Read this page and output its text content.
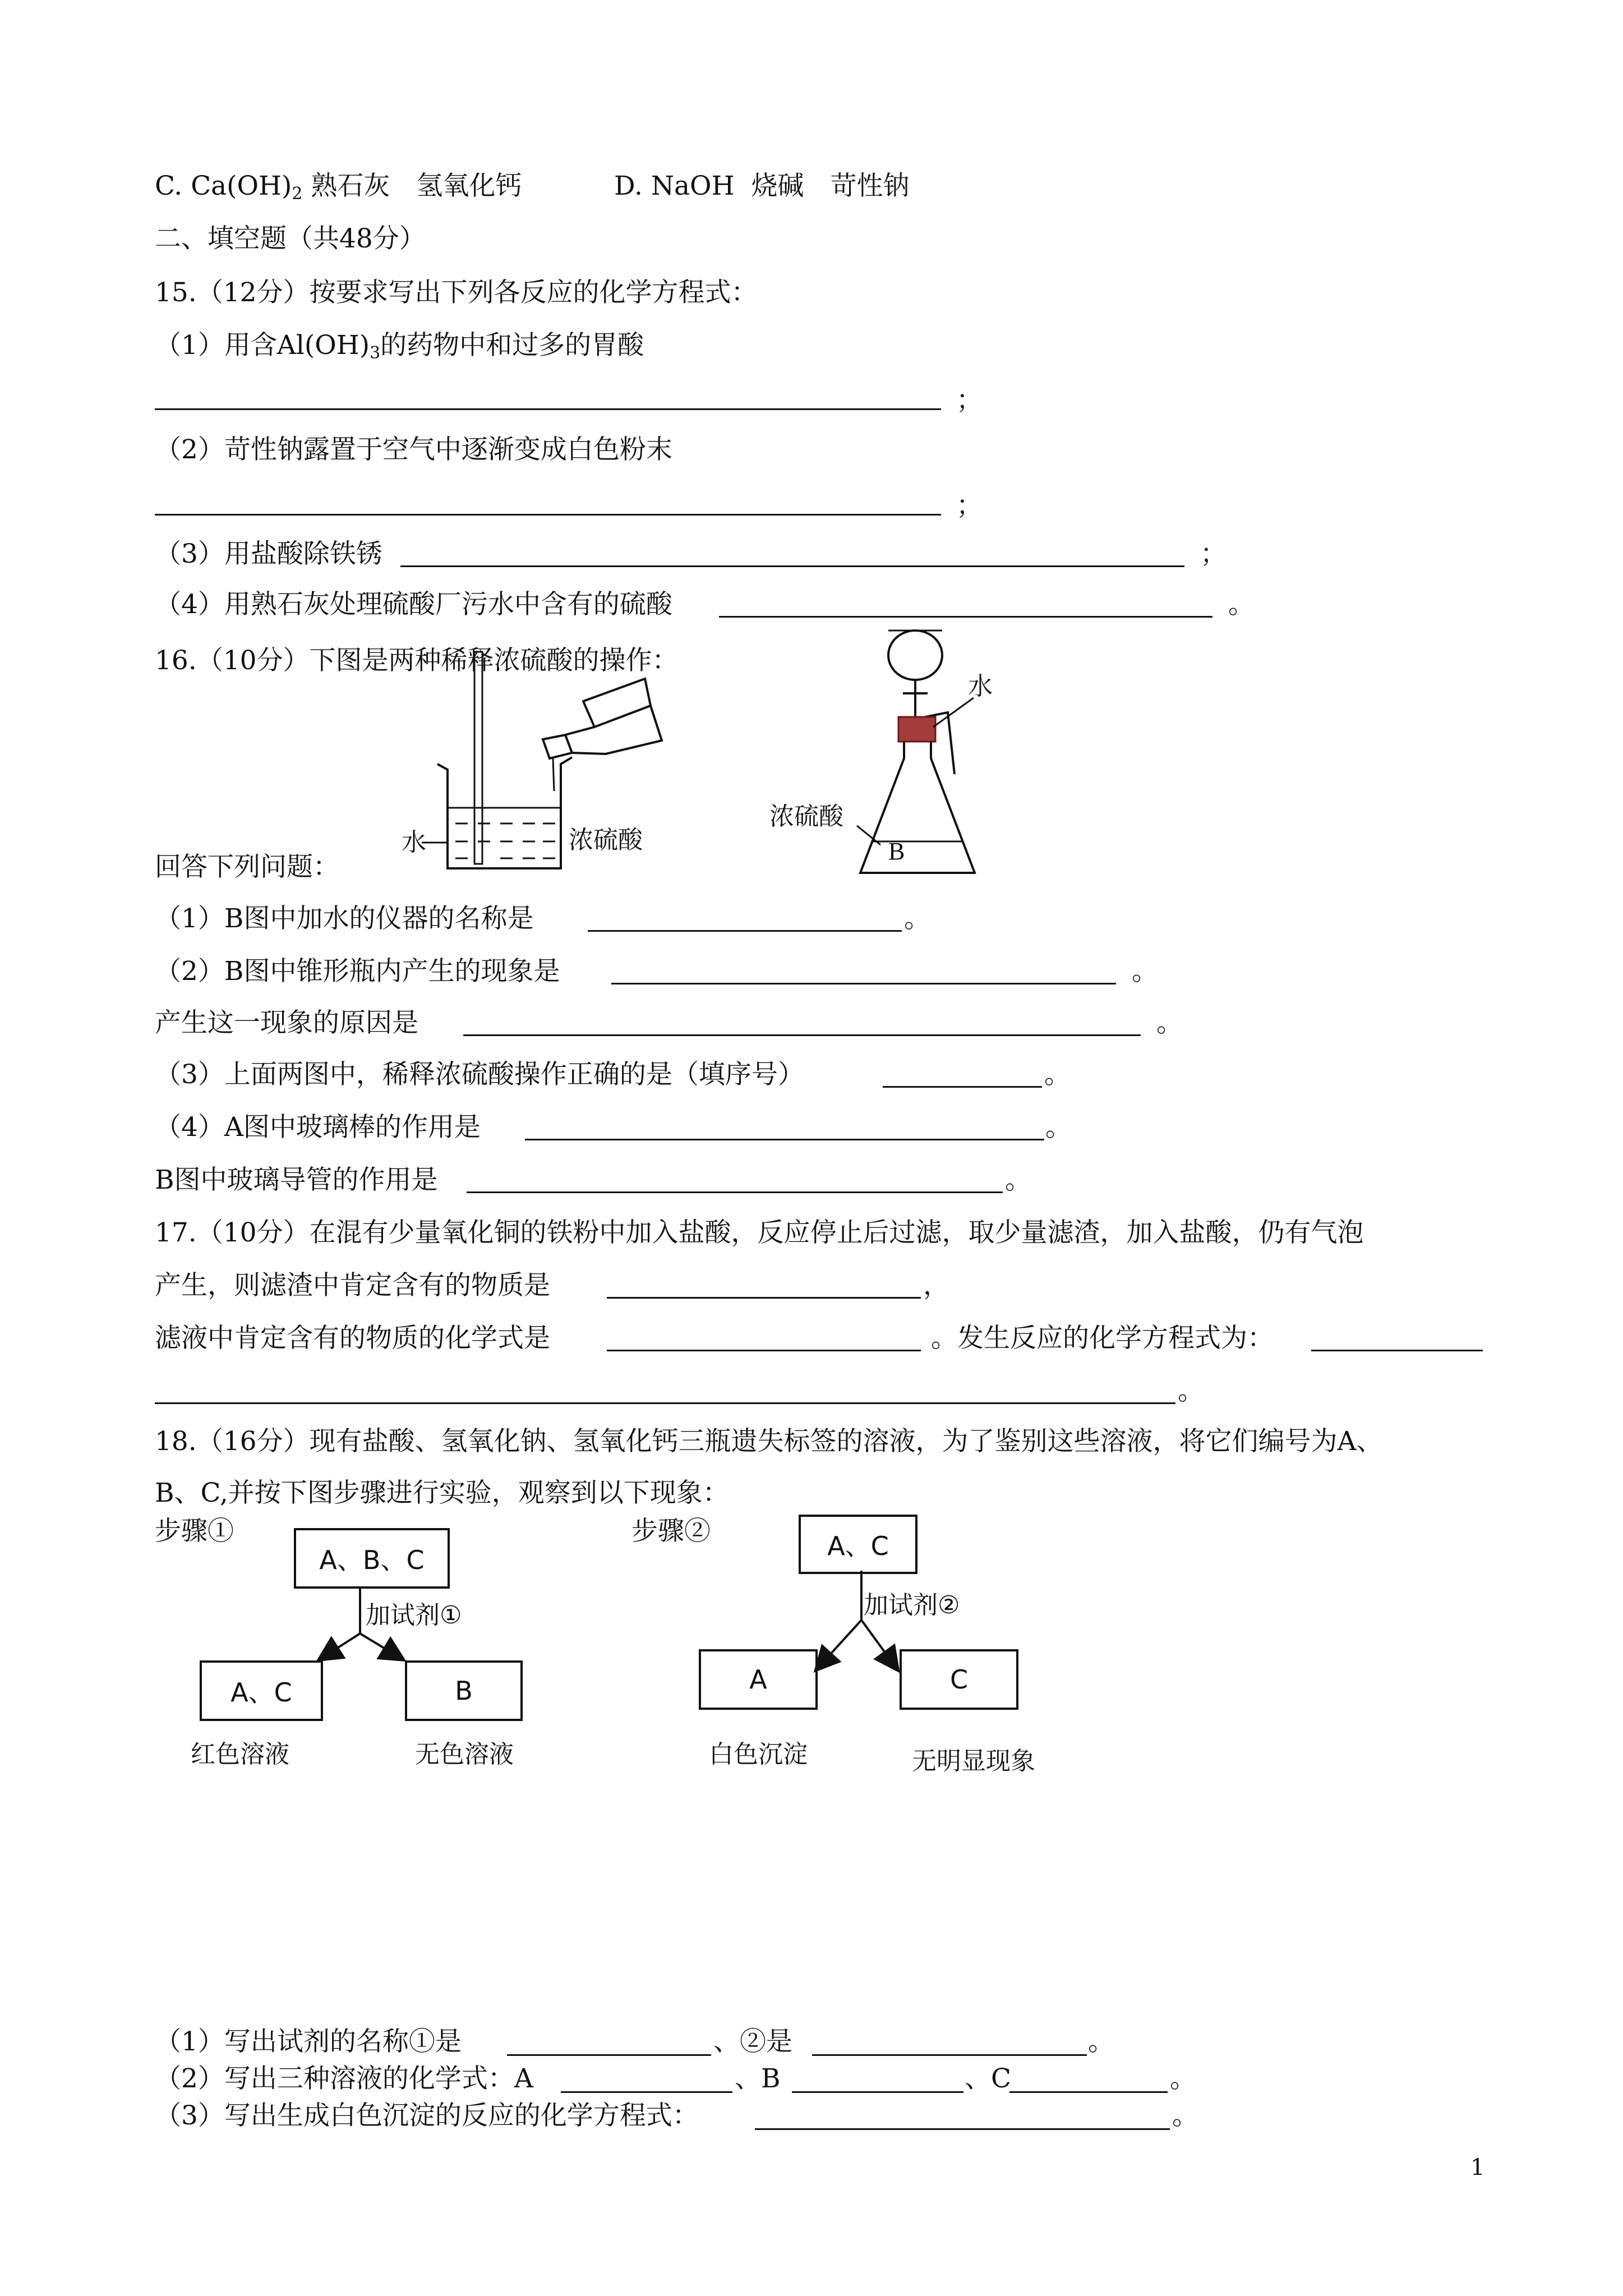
C. $Ca(OH)_2$ 熟石灰　氢氧化钙	D. NaOH 烧碱　苛性钠
二、填空题（共48分）
15.（12分）按要求写出下列各反应的化学方程式：
（1）用含$Al(OH)_3$的药物中和过多的胃酸
；
（2）苛性钠露置于空气中逐渐变成白色粉末
；
（3）用盐酸除铁锈	；
（4）用熟石灰处理硫酸厂污水中含有的硫酸	。
16.（10分）下图是两种稀释浓硫酸的操作：
水	浓硫酸
水
浓硫酸
B
回答下列问题：
（1）B图中加水的仪器的名称是	。
（2）B图中锥形瓶内产生的现象是	。
产生这一现象的原因是	。
（3）上面两图中，稀释浓硫酸操作正确的是（填序号）	。
（4）A图中玻璃棒的作用是	。
B图中玻璃导管的作用是	。
17.（10分）在混有少量氧化铜的铁粉中加入盐酸，反应停止后过滤，取少量滤渣，加入盐酸，仍有气泡
产生，则滤渣中肯定含有的物质是	，
滤液中肯定含有的物质的化学式是	。发生反应的化学方程式为：
。
18.（16分）现有盐酸、氢氧化钠、氢氧化钙三瓶遗失标签的溶液，为了鉴别这些溶液，将它们编号为A、
B、C,并按下图步骤进行实验，观察到以下现象：
步骤①
A、B、C
A、C	B
加试剂①
红色溶液	无色溶液
步骤②	A、C
A	C
加试剂②
白色沉淀	无明显现象
（1）写出试剂的名称①是	、②是	。
（2）写出三种溶液的化学式：A	、B	、C	。
（3）写出生成白色沉淀的反应的化学方程式：	。
1
